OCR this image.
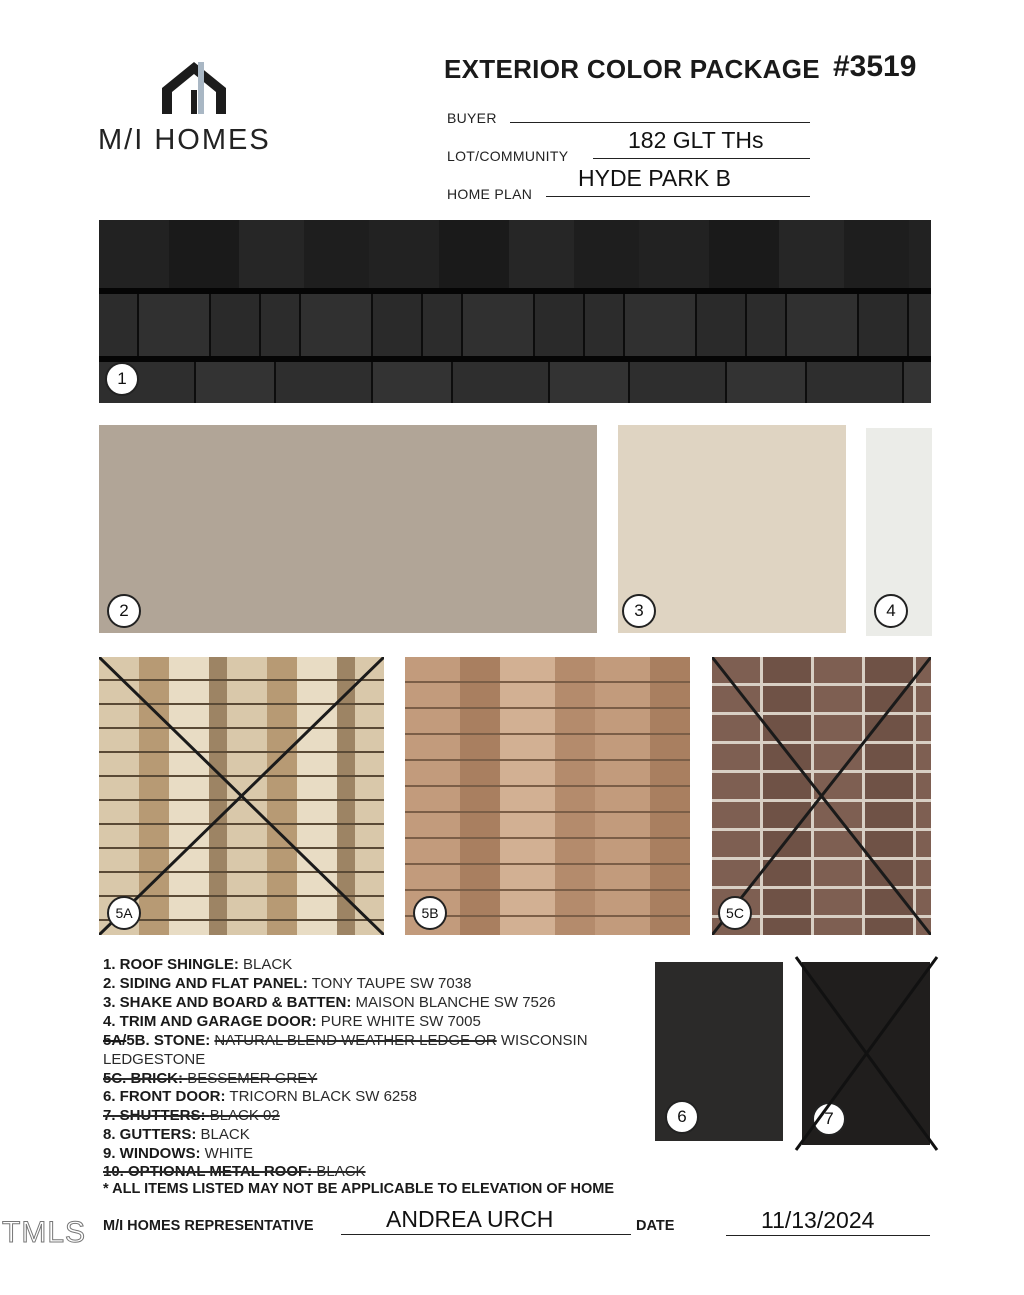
M/I HOMES
EXTERIOR COLOR PACKAGE #3519
BUYER
LOT/COMMUNITY
182 GLT THs
HOME PLAN
HYDE PARK B
1
2	3	4
5A	5B	5C
6	7
1. ROOF SHINGLE: BLACK
2. SIDING AND FLAT PANEL: TONY TAUPE SW 7038
3. SHAKE AND BOARD & BATTEN: MAISON BLANCHE SW 7526
4. TRIM AND GARAGE DOOR: PURE WHITE SW 7005
5A/5B. STONE: NATURAL BLEND WEATHER LEDGE OR WISCONSIN LEDGESTONE
5C. BRICK: BESSEMER GREY
6. FRONT DOOR: TRICORN BLACK SW 6258
7. SHUTTERS: BLACK 02
8. GUTTERS: BLACK
9. WINDOWS: WHITE
10. OPTIONAL METAL ROOF: BLACK
* ALL ITEMS LISTED MAY NOT BE APPLICABLE TO ELEVATION OF HOME
M/I HOMES REPRESENTATIVE	ANDREA URCH	DATE	11/13/2024
TMLS
